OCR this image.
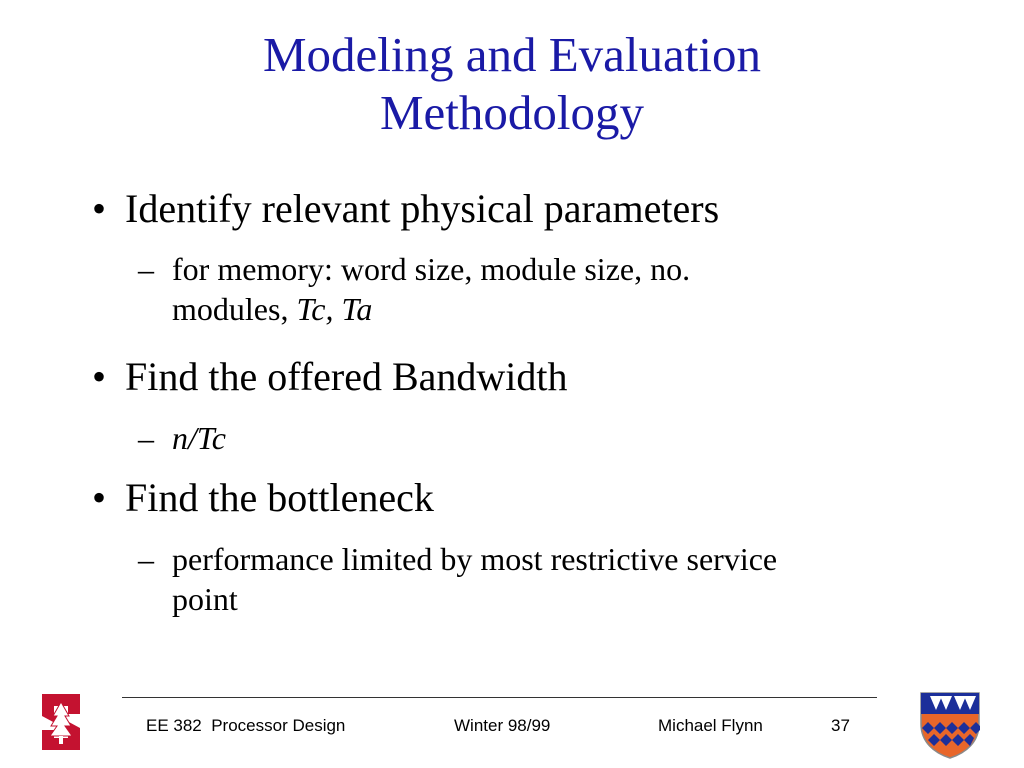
Modeling and Evaluation
Methodology
• Identify relevant physical parameters
– for memory: word size, module size, no.
modules, Tc, Ta
• Find the offered Bandwidth
– n/Tc
• Find the bottleneck
– performance limited by most restrictive service
point
EE 382  Processor Design	Winter 98/99	Michael Flynn	37
